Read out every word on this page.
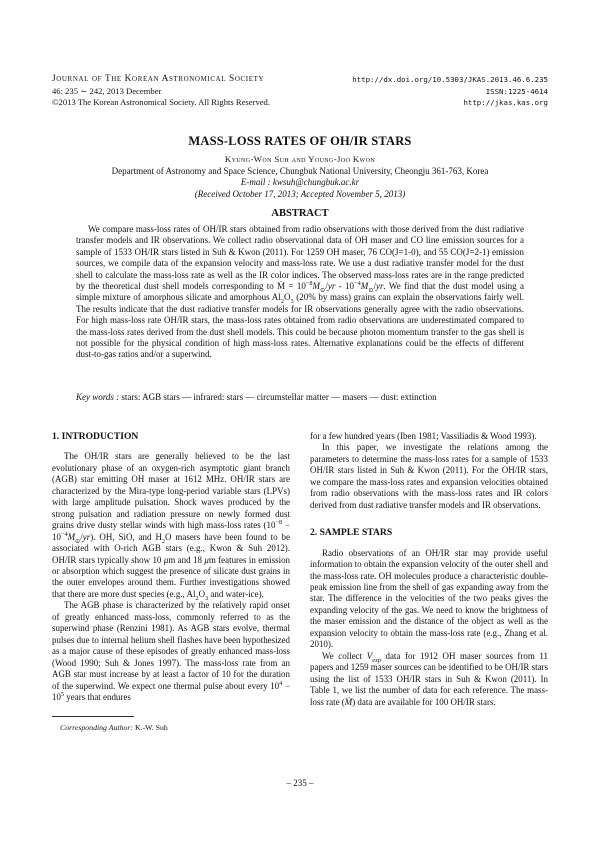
Journal of The Korean Astronomical Society
46: 235 ∼ 242, 2013 December
©2013 The Korean Astronomical Society. All Rights Reserved.
http://dx.doi.org/10.5303/JKAS.2013.46.6.235
ISSN:1225-4614
http://jkas.kas.org
MASS-LOSS RATES OF OH/IR STARS
Kyung-Won Suh and Young-Joo Kwon
Department of Astronomy and Space Science, Chungbuk National University, Cheongju 361-763, Korea
E-mail : kwsuh@chungbuk.ac.kr
(Received October 17, 2013; Accepted November 5, 2013)
ABSTRACT
We compare mass-loss rates of OH/IR stars obtained from radio observations with those derived from the dust radiative transfer models and IR observations. We collect radio observational data of OH maser and CO line emission sources for a sample of 1533 OH/IR stars listed in Suh & Kwon (2011). For 1259 OH maser, 76 CO(J=1-0), and 55 CO(J=2-1) emission sources, we compile data of the expansion velocity and mass-loss rate. We use a dust radiative transfer model for the dust shell to calculate the mass-loss rate as well as the IR color indices. The observed mass-loss rates are in the range predicted by the theoretical dust shell models corresponding to Ṁ = $10^{-8}M_⊙/yr - 10^{-4}M_⊙/yr$. We find that the dust model using a simple mixture of amorphous silicate and amorphous $Al_2O_3$ (20% by mass) grains can explain the observations fairly well. The results indicate that the dust radiative transfer models for IR observations generally agree with the radio observations. For high mass-loss rate OH/IR stars, the mass-loss rates obtained from radio observations are underestimated compared to the mass-loss rates derived from the dust shell models. This could be because photon momentum transfer to the gas shell is not possible for the physical condition of high mass-loss rates. Alternative explanations could be the effects of different dust-to-gas ratios and/or a superwind.
Key words : stars: AGB stars — infrared: stars — circumstellar matter — masers — dust: extinction
1. INTRODUCTION

The OH/IR stars are generally believed to be the last evolutionary phase of an oxygen-rich asymptotic giant branch (AGB) star emitting OH maser at 1612 MHz. OH/IR stars are characterized by the Mira-type long-period variable stars (LPVs) with large amplitude pulsation. Shock waves produced by the strong pulsation and radiation pressure on newly formed dust grains drive dusty stellar winds with high mass-loss rates $(10^{-8} - 10^{-4}M_⊙/yr)$. OH, SiO, and $H_2O$ masers have been found to be associated with O-rich AGB stars (e.g., Kwon & Suh 2012). OH/IR stars typically show 10 μm and 18 μm features in emission or absorption which suggest the presence of silicate dust grains in the outer envelopes around them. Further investigations showed that there are more dust species (e.g., $Al_2O_3$ and water-ice).

The AGB phase is characterized by the relatively rapid onset of greatly enhanced mass-loss, commonly referred to as the superwind phase (Renzini 1981). As AGB stars evolve, thermal pulses due to internal helium shell flashes have been hypothesized as a major cause of these episodes of greatly enhanced mass-loss (Wood 1990; Suh & Jones 1997). The mass-loss rate from an AGB star must increase by at least a factor of 10 for the duration of the superwind. We expect one thermal pulse about every $10^4 - 10^5$ years that endures

for a few hundred years (Iben 1981; Vassiliadis & Wood 1993).

In this paper, we investigate the relations among the parameters to determine the mass-loss rates for a sample of 1533 OH/IR stars listed in Suh & Kwon (2011). For the OH/IR stars, we compare the mass-loss rates and expansion velocities obtained from radio observations with the mass-loss rates and IR colors derived from dust radiative transfer models and IR observations.

2. SAMPLE STARS

Radio observations of an OH/IR star may provide useful information to obtain the expansion velocity of the outer shell and the mass-loss rate. OH molecules produce a characteristic double-peak emission line from the shell of gas expanding away from the star. The difference in the velocities of the two peaks gives the expanding velocity of the gas. We need to know the brightness of the maser emission and the distance of the object as well as the expansion velocity to obtain the mass-loss rate (e.g., Zhang et al. 2010).

We collect $V_{exp}$ data for 1912 OH maser sources from 11 papers and 1259 maser sources can be identified to be OH/IR stars using the list of 1533 OH/IR stars in Suh & Kwon (2011). In Table 1, we list the number of data for each reference. The mass-loss rate (Ṁ) data are available for 100 OH/IR stars.

Corresponding Author: K.-W. Suh
– 235 –
